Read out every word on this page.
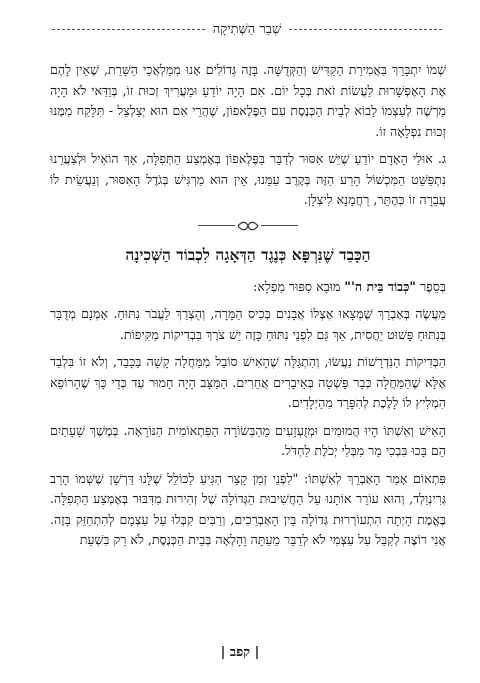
שְׁבַר הַשְּׁתִיקָה

שְׁמוֹ יִתְבָּרֵךְ בַּאֲמִירַת הַקַּדִּישׁ וְהַקְּדֻשָּׁה. בָּזֶה גְּדוֹלִים אָנוּ מִמַּלְאֲכֵי הַשָּׁרֵת, שֶׁאֵין לָהֶם אֶת הָאֶפְשָׁרוּת לַעֲשׂוֹת זֹאת בְּכָל יוֹם. אִם הָיָה יוֹדֵעַ וּמַעֲרִיךְ זְכוּת זוֹ, בְּוַדַּאי לֹא הָיָה מַרְשֶׁה לְעַצְמוֹ לָבוֹא לְבֵית הַכְּנֶסֶת עִם הַפֶּלֶאפוֹן, שֶׁהֲרֵי אִם הוּא יְצַלְצֵל - תִּלָּקַח מִמֶּנּוּ זְכוּת נִפְלָאָה זוֹ.

ג. אוּלַי הָאָדָם יוֹדֵעַ שֶׁיֵּשׁ אִסּוּר לְדַבֵּר בַּפֶּלֶאפוֹן בְּאֶמְצַע הַתְּפִלָּה, אַךְ הוֹאִיל וּלְצַעֲרֵנוּ נִתְפַּשֵּׁט הַמִּכְשׁוֹל הָרַע הַזֶּה בְּקֶרֶב עַמֵּנוּ, אֵין הוּא מַרְגִּישׁ בְּגֹדֶל הָאִסּוּר, וְנַעֲשֵׂית לוֹ עֲבֵרָה זוֹ כְּהֶתֵּר, רַחֲמָנָא לִיצְלָן.

הַכָּבֵד שֶׁנִּרְפָּא כְּנֶגֶד הַדְּאָגָה לִכְבוֹד הַשְּׁכִינָה

בְּסֵפֶר "כְּבוֹד בֵּית ה'" מוּבָא סִפּוּר מַפְלָא:

מַעֲשֶׂה בְּאַבְרֵךְ שֶׁמְּצָאוּ אֶצְלוֹ אֲבָנִים בְּכִיס הַמָּרָה, וְהֻצְרַךְ לַעֲבֹר נִתּוּחַ. אָמְנָם מְדֻבָּר בְּנִתּוּחַ פָּשׁוּט יַחֲסִית, אַךְ גַּם לִפְנֵי נִתּוּחַ כָּזֶה יֵשׁ צֹרֶךְ בִּבְדִיקוֹת מַקִּיפוֹת.

הַבְּדִיקוֹת הַנִּדְרָשׁוֹת נַעֲשׂוּ, וְהִתְגַּלָּה שֶׁהָאִישׁ סוֹבֵל מִמַּחֲלָה קָשָׁה בַּכָּבֵד, וְלֹא זוֹ בִּלְבַד אֶלָּא שֶׁהַמַּחֲלָה כְּבָר פָּשְׁטָה בְּאֵיבָרִים אֲחֵרִים. הַמַּצָּב הָיָה חָמוּר עַד כְּדֵי כָּךְ שֶׁהָרוֹפֵא הִמְלִיץ לוֹ לָלֶכֶת לְהִפָּרֵד מִהַיְלָדִים.

הָאִישׁ וְאִשְׁתּוֹ הָיוּ הֲמוּמִים וּמְזֻעְזָעִים מֵהַבְּשׂוֹרָה הַפִּתְאוֹמִית הַנּוֹרָאָה. בְּמֶשֶׁךְ שָׁעָתַיִם הֵם בָּכוּ בִּבְכִי מַר מִבְּלִי יְכֹלֶת לַחְדֹּל.

פִּתְאוֹם אָמַר הָאַבְרֵךְ לְאִשְׁתּוֹ: "לִפְנֵי זְמַן קָצָר הִגִּיעַ לַכּוֹלֵל שֶׁלָּנוּ דַּרְשָׁן שֶׁשְּׁמוֹ הָרַב גְּרִינְוַלְד, וְהוּא עוֹרֵר אוֹתָנוּ עַל הַחֲשִׁיבוּת הַגְּדוֹלָה שֶׁל זְהִירוּת מִדִּבּוּר בְּאֶמְצַע הַתְּפִלָּה. בֶּאֱמֶת הָיְתָה הִתְעוֹרְרוּת גְּדוֹלָה בֵּין הָאַבְרֵכִים, וְרַבִּים קִבְּלוּ עַל עַצְמָם לְהִתְחַזֵּק בָּזֶה. אֲנִי רוֹצֶה לְקַבֵּל עַל עַצְמִי לֹא לְדַבֵּר מֵעַתָּה וָהָלְאָה בְּבֵית הַכְּנֶסֶת, לֹא רַק בִּשְׁעַת

| קפב |
